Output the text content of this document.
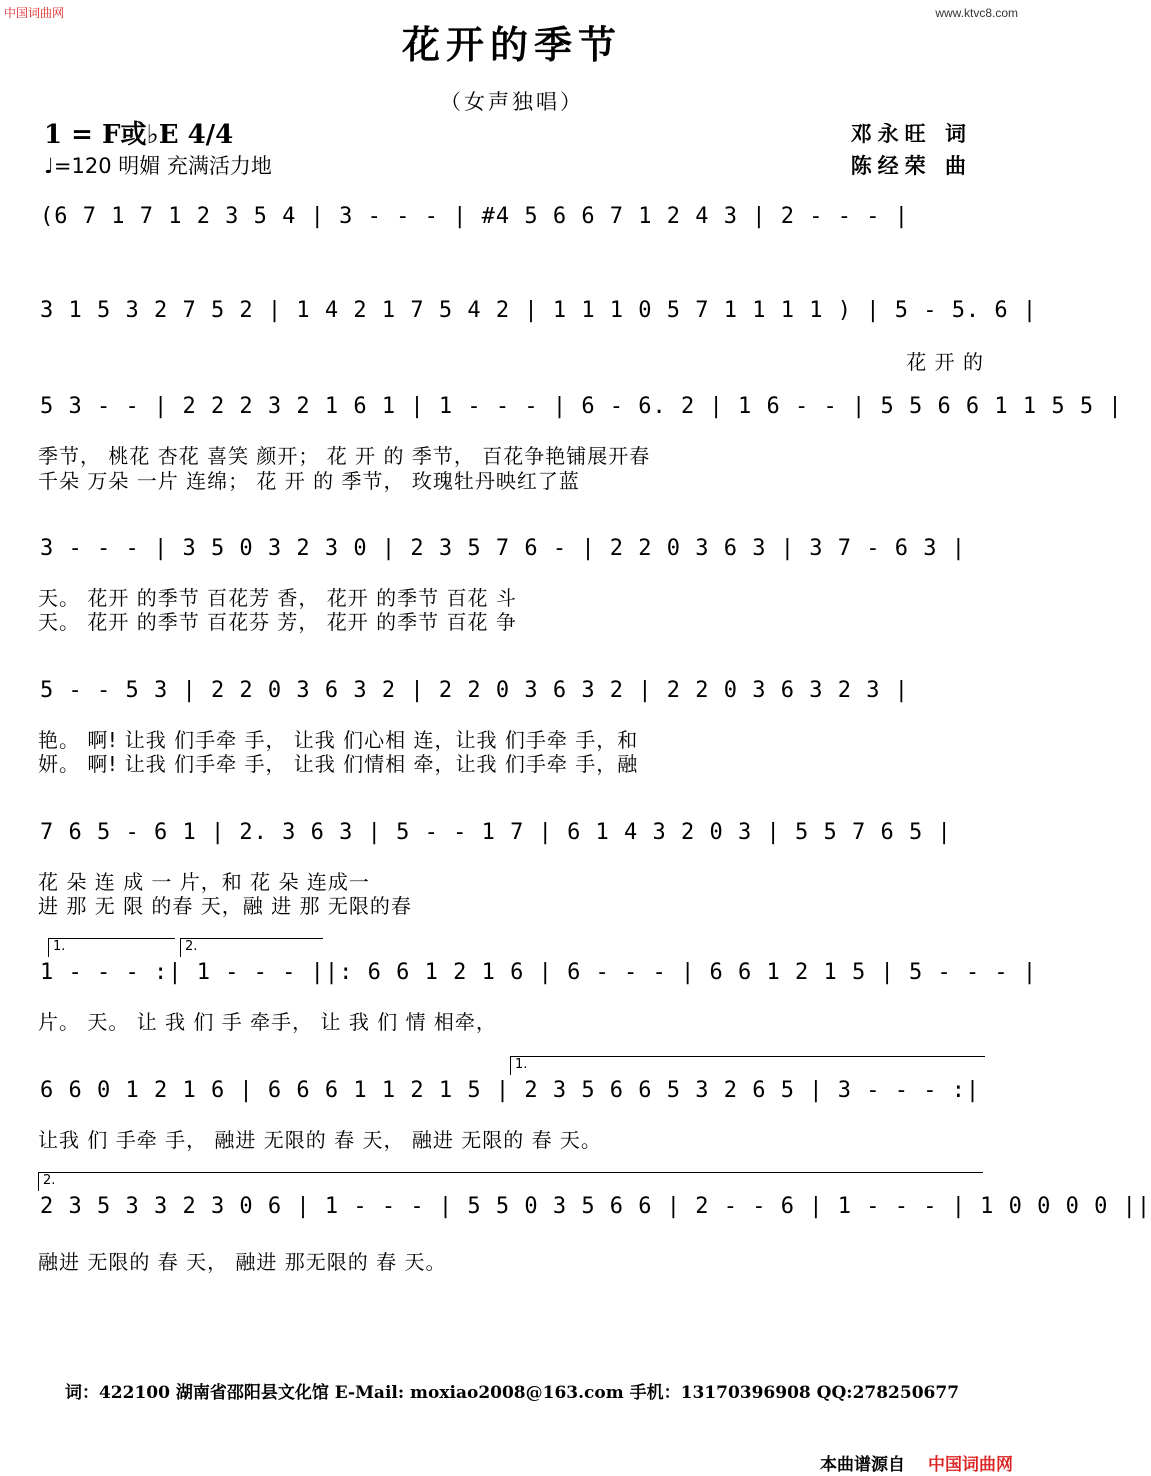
中国词曲网	www.ktvc8.com
花开的季节
（女声独唱）
1 = F或♭E 4/4
♩=120 明媚 充满活力地
邓永旺 词
陈经荣 曲
(6 7 1 7 1 2 3 5 4 | 3 - - - | #4 5 6 6 7 1 2 4 3 | 2 - - - |
3 1 5 3 2 7 5 2 | 1 4 2 1 7 5 4 2 | 1 1 1 0 5 7 1 1 1 1 ) | 5 - 5. 6 |
花 开 的
5 3 - - | 2 2 2 3 2 1 6 1 | 1 - - - | 6 - 6. 2 | 1 6 - - | 5 5 6 6 1 1 5 5 |
季节， 桃花 杏花 喜笑 颜开； 花 开 的 季节， 百花争艳铺展开春
千朵 万朵 一片 连绵； 花 开 的 季节， 玫瑰牡丹映红了蓝
3 - - - | 3 5 0 3 2 3 0 | 2 3 5 7 6 - | 2 2 0 3 6 3 | 3 7 - 6 3 |
天。 花开 的季节 百花芳 香， 花开 的季节 百花 斗
天。 花开 的季节 百花芬 芳， 花开 的季节 百花 争
5 - - 5 3 | 2 2 0 3 6 3 2 | 2 2 0 3 6 3 2 | 2 2 0 3 6 3 2 3 |
艳。 啊! 让我 们手牵 手， 让我 们心相 连，让我 们手牵 手，和
妍。 啊! 让我 们手牵 手， 让我 们情相 牵，让我 们手牵 手，融
7 6 5 - 6 1 | 2. 3 6 3 | 5 - - 1 7 | 6 1 4 3 2 0 3 | 5 5 7 6 5 |
花 朵 连 成 一 片，和 花 朵 连成一
进 那 无 限 的春 天，融 进 那 无限的春
1.	2.
1 - - - :| 1 - - - ||: 6 6 1 2 1 6 | 6 - - - | 6 6 1 2 1 5 | 5 - - - |
片。 天。 让 我 们 手 牵手， 让 我 们 情 相牵，
1.
6 6 0 1 2 1 6 | 6 6 6 1 1 2 1 5 | 2 3 5 6 6 5 3 2 6 5 | 3 - - - :|
让我 们 手牵 手， 融进 无限的 春 天， 融进 无限的 春 天。
2.
2 3 5 3 3 2 3 0 6 | 1 - - - | 5 5 0 3 5 6 6 | 2 - - 6 | 1 - - - | 1 0 0 0 0 ||
融进 无限的 春 天， 融进 那无限的 春 天。
词：422100 湖南省邵阳县文化馆 E-Mail: moxiao2008@163.com 手机：13170396908 QQ:278250677
本曲谱源自 中国词曲网
